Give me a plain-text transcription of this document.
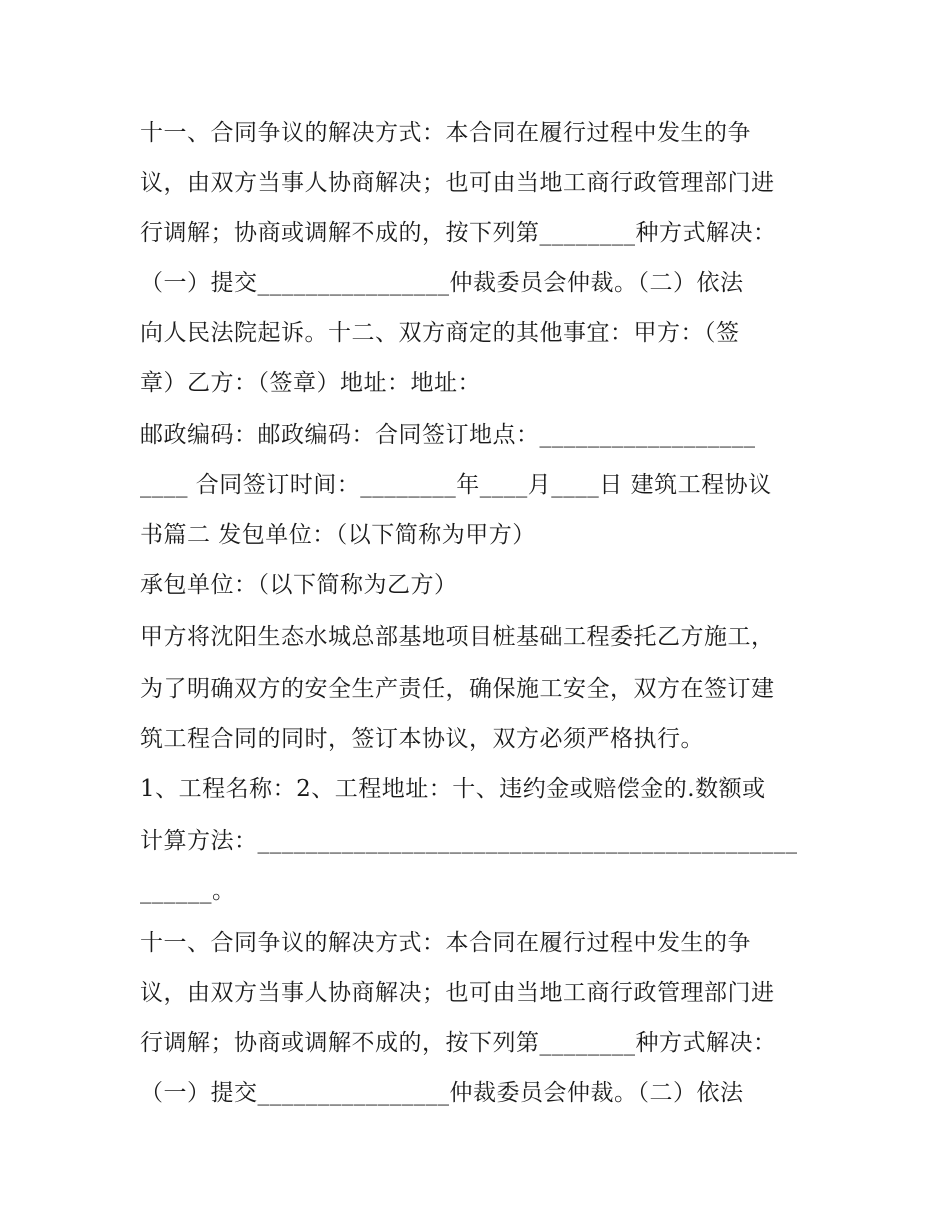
十一、合同争议的解决方式：本合同在履行过程中发生的争
议，由双方当事人协商解决；也可由当地工商行政管理部门进
行调解；协商或调解不成的，按下列第________种方式解决：
（一）提交________________仲裁委员会仲裁。（二）依法
向人民法院起诉。十二、双方商定的其他事宜：甲方：（签
章）乙方：（签章）地址：地址：
邮政编码：邮政编码：合同签订地点：__________________
____ 合同签订时间：________年____月____日 建筑工程协议
书篇二 发包单位：（以下简称为甲方）
承包单位：（以下简称为乙方）
甲方将沈阳生态水城总部基地项目桩基础工程委托乙方施工，
为了明确双方的安全生产责任，确保施工安全，双方在签订建
筑工程合同的同时，签订本协议，双方必须严格执行。
1、工程名称：2、工程地址：十、违约金或赔偿金的.数额或
计算方法：_____________________________________________
______。
十一、合同争议的解决方式：本合同在履行过程中发生的争
议，由双方当事人协商解决；也可由当地工商行政管理部门进
行调解；协商或调解不成的，按下列第________种方式解决：
（一）提交________________仲裁委员会仲裁。（二）依法
